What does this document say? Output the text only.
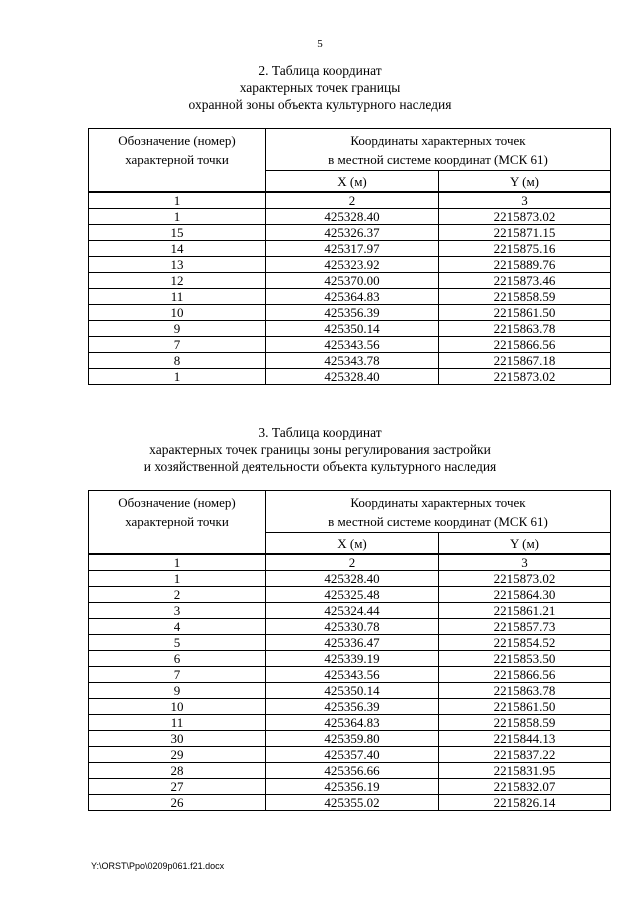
5
2. Таблица координат
характерных точек границы
охранной зоны объекта культурного наследия
Обозначение (номер)
характерной точки	Координаты характерных точек
в местной системе координат (МСК 61)	
	X (м)	Y (м)
1	2	3
1	425328.40	2215873.02
15	425326.37	2215871.15
14	425317.97	2215875.16
13	425323.92	2215889.76
12	425370.00	2215873.46
11	425364.83	2215858.59
10	425356.39	2215861.50
9	425350.14	2215863.78
7	425343.56	2215866.56
8	425343.78	2215867.18
1	425328.40	2215873.02
3. Таблица координат
характерных точек границы зоны регулирования застройки
и хозяйственной деятельности объекта культурного наследия
Обозначение (номер)
характерной точки	Координаты характерных точек
в местной системе координат (МСК 61)	
	X (м)	Y (м)
1	2	3
1	425328.40	2215873.02
2	425325.48	2215864.30
3	425324.44	2215861.21
4	425330.78	2215857.73
5	425336.47	2215854.52
6	425339.19	2215853.50
7	425343.56	2215866.56
9	425350.14	2215863.78
10	425356.39	2215861.50
11	425364.83	2215858.59
30	425359.80	2215844.13
29	425357.40	2215837.22
28	425356.66	2215831.95
27	425356.19	2215832.07
26	425355.02	2215826.14
Y:\ORST\Ppo\0209p061.f21.docx
